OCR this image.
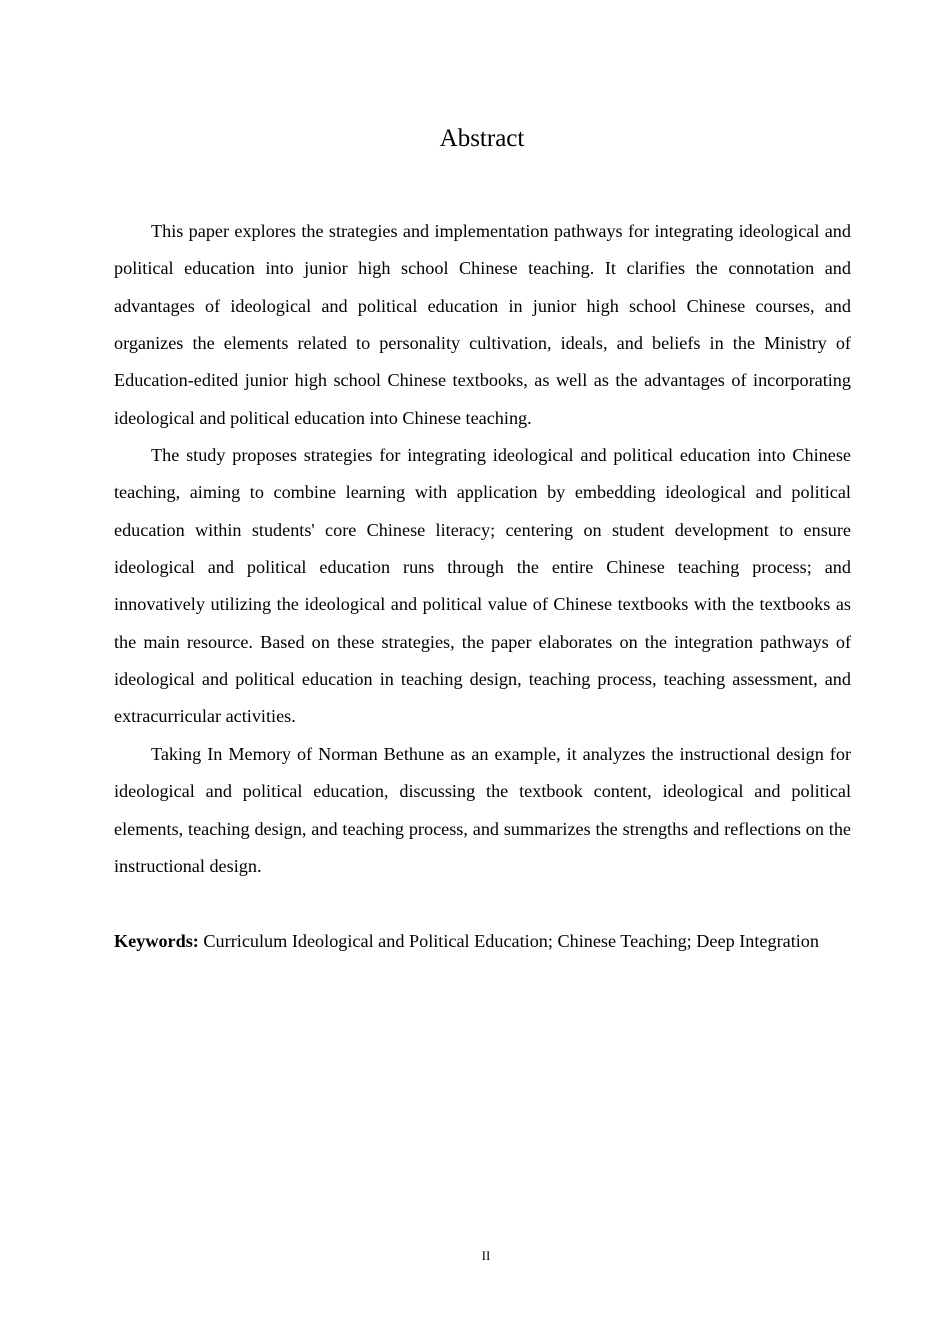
Abstract

This paper explores the strategies and implementation pathways for integrating ideological and political education into junior high school Chinese teaching. It clarifies the connotation and advantages of ideological and political education in junior high school Chinese courses, and organizes the elements related to personality cultivation, ideals, and beliefs in the Ministry of Education-edited junior high school Chinese textbooks, as well as the advantages of incorporating ideological and political education into Chinese teaching.

The study proposes strategies for integrating ideological and political education into Chinese teaching, aiming to combine learning with application by embedding ideological and political education within students' core Chinese literacy; centering on student development to ensure ideological and political education runs through the entire Chinese teaching process; and innovatively utilizing the ideological and political value of Chinese textbooks with the textbooks as the main resource. Based on these strategies, the paper elaborates on the integration pathways of ideological and political education in teaching design, teaching process, teaching assessment, and extracurricular activities.

Taking In Memory of Norman Bethune as an example, it analyzes the instructional design for ideological and political education, discussing the textbook content, ideological and political elements, teaching design, and teaching process, and summarizes the strengths and reflections on the instructional design.

Keywords: Curriculum Ideological and Political Education; Chinese Teaching; Deep Integration

II
